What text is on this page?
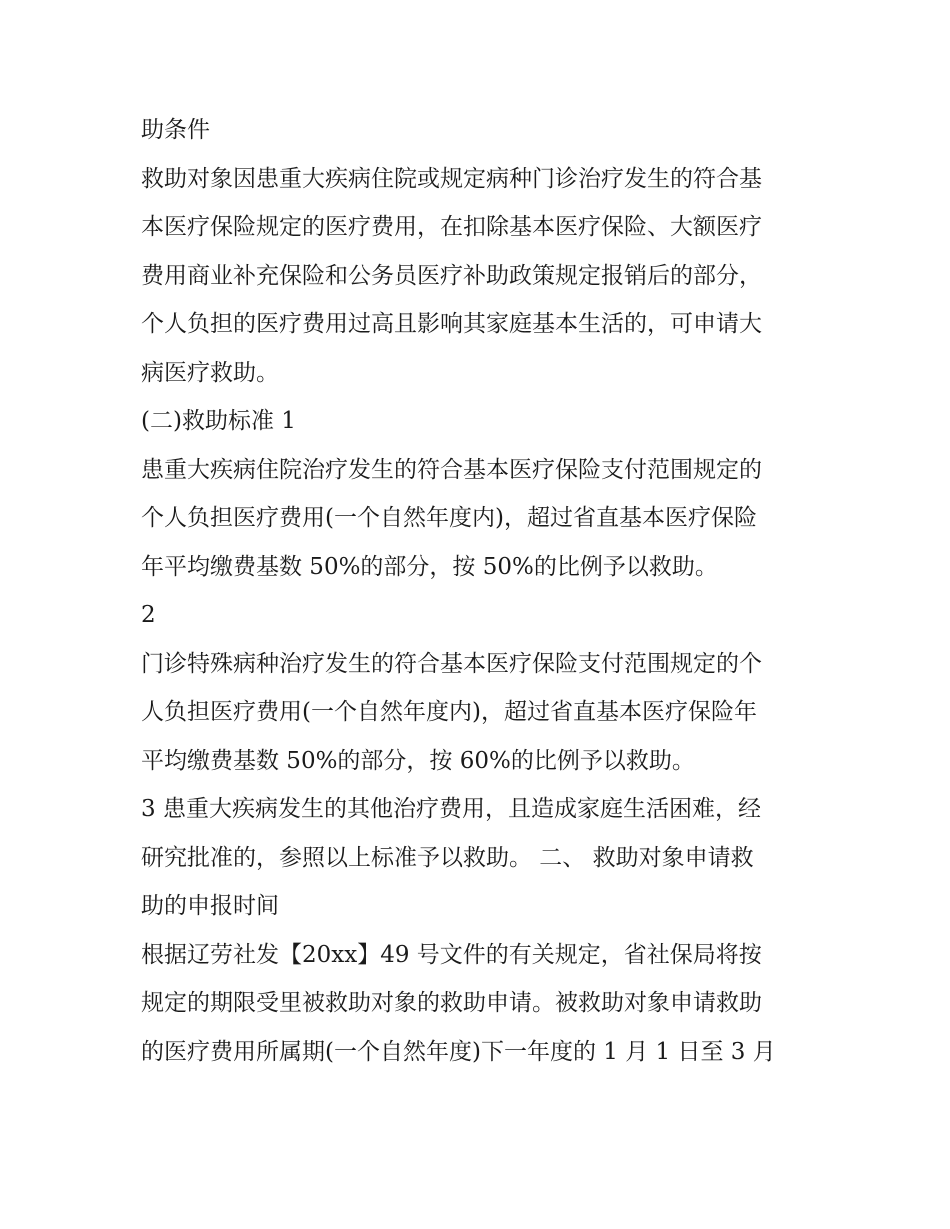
助条件
救助对象因患重大疾病住院或规定病种门诊治疗发生的符合基
本医疗保险规定的医疗费用，在扣除基本医疗保险、大额医疗
费用商业补充保险和公务员医疗补助政策规定报销后的部分，
个人负担的医疗费用过高且影响其家庭基本生活的，可申请大
病医疗救助。
(二)救助标准 1
患重大疾病住院治疗发生的符合基本医疗保险支付范围规定的
个人负担医疗费用(一个自然年度内)，超过省直基本医疗保险
年平均缴费基数 50%的部分，按 50%的比例予以救助。
2
门诊特殊病种治疗发生的符合基本医疗保险支付范围规定的个
人负担医疗费用(一个自然年度内)，超过省直基本医疗保险年
平均缴费基数 50%的部分，按 60%的比例予以救助。
3 患重大疾病发生的其他治疗费用，且造成家庭生活困难，经
研究批准的，参照以上标准予以救助。 二、 救助对象申请救
助的申报时间
根据辽劳社发【20xx】49 号文件的有关规定，省社保局将按
规定的期限受里被救助对象的救助申请。被救助对象申请救助
的医疗费用所属期(一个自然年度)下一年度的 1 月 1 日至 3 月
